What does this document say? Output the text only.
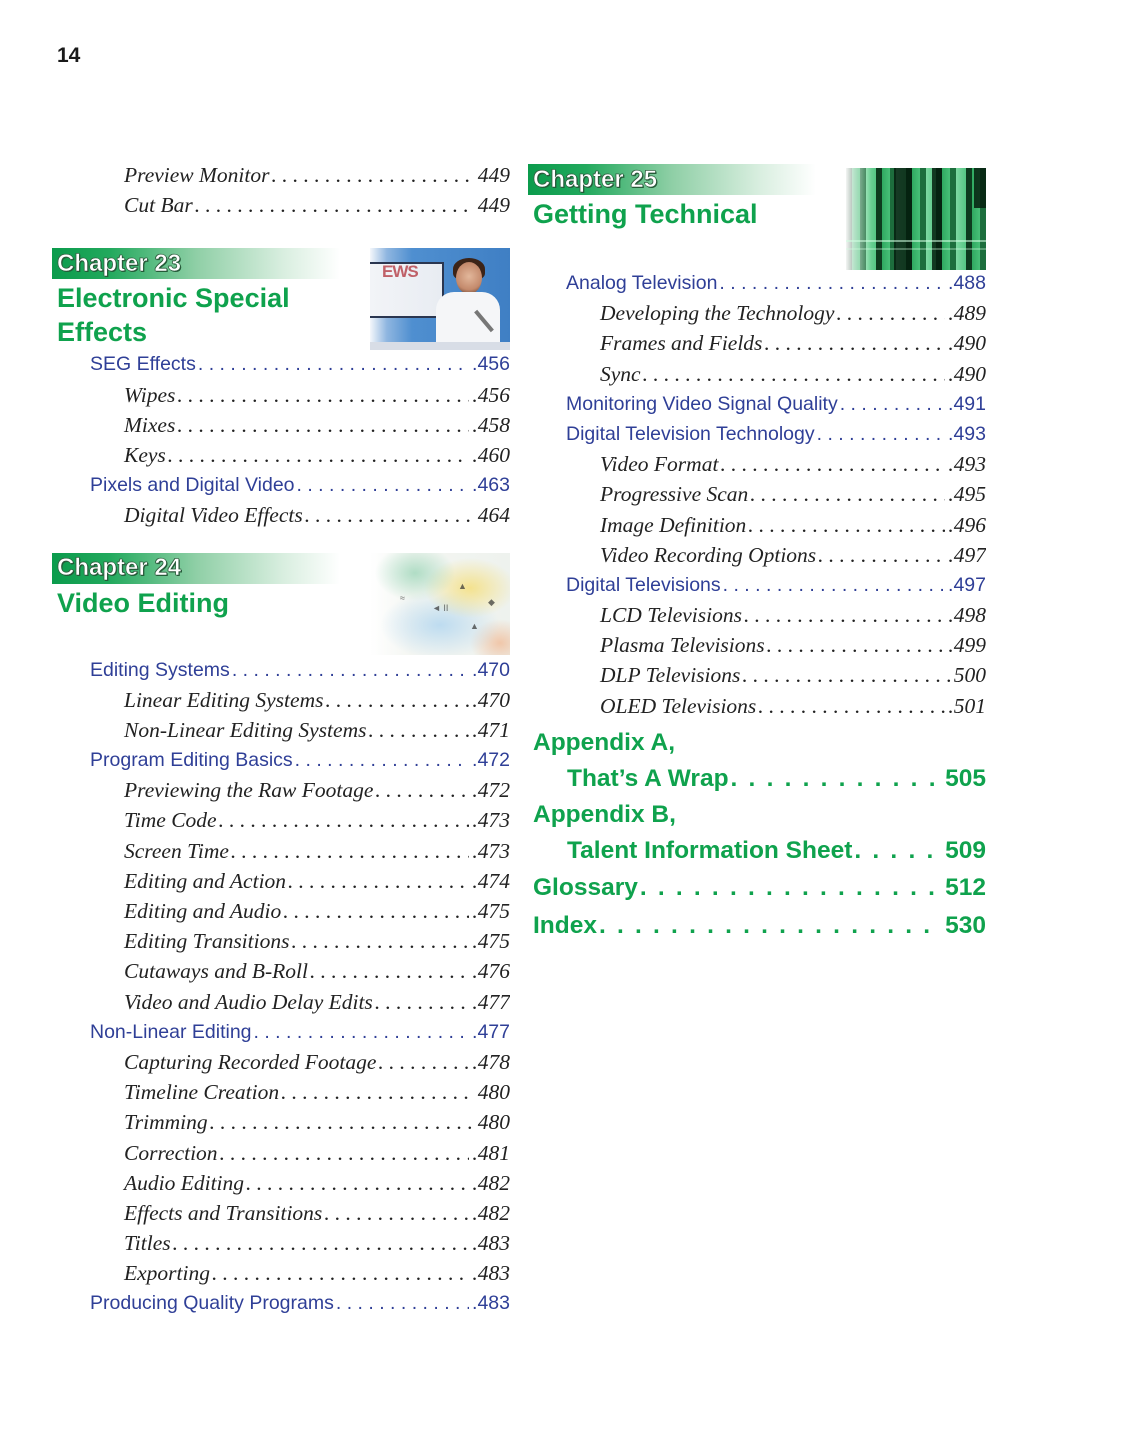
14
Preview Monitor . . .	449
Cut Bar . . .	449
EWS
Chapter 23
Electronic Special
Effects
SEG Effects . . .	.456
Wipes . . .	.456
Mixes . . .	.458
Keys . . .	.460
Pixels and Digital Video . . .	.463
Digital Video Effects . . .	464
▲
◆
◄ II
▲
≈
Chapter 24
Video Editing
Editing Systems . . .	.470
Linear Editing Systems . . .	.470
Non-Linear Editing Systems . . .	.471
Program Editing Basics . . .	.472
Previewing the Raw Footage . . .	.472
Time Code . . .	.473
Screen Time . . .	.473
Editing and Action . . .	.474
Editing and Audio . . .	.475
Editing Transitions . . .	.475
Cutaways and B-Roll . . .	.476
Video and Audio Delay Edits . . .	.477
Non-Linear Editing . . .	.477
Capturing Recorded Footage . . .	.478
Timeline Creation . . .	480
Trimming . . .	480
Correction . . .	.481
Audio Editing . . .	.482
Effects and Transitions . . .	.482
Titles . . .	.483
Exporting . . .	.483
Producing Quality Programs . . .	.483
Chapter 25
Getting Technical
Analog Television . . .	.488
Developing the Technology . . .	.489
Frames and Fields . . .	.490
Sync . . .	.490
Monitoring Video Signal Quality . . .	.491
Digital Television Technology . . .	.493
Video Format . . .	.493
Progressive Scan . . .	.495
Image Definition . . .	.496
Video Recording Options . . .	.497
Digital Televisions . . .	.497
LCD Televisions . . .	.498
Plasma Televisions . . .	.499
DLP Televisions . . .	500
OLED Televisions . . .	.501
Appendix A,
That’s A Wrap . . .	505
Appendix B,
Talent Information Sheet . . .	509
Glossary . . .	512
Index . . .	530
